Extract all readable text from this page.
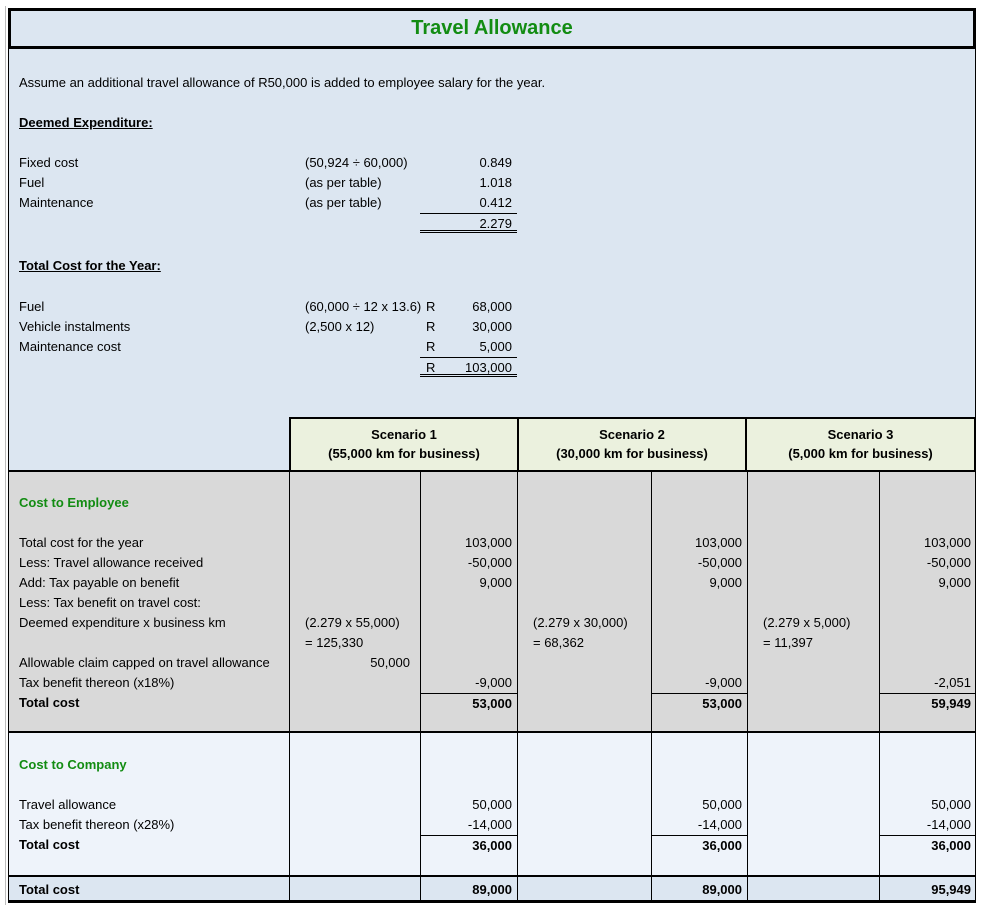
Travel Allowance
Assume an additional travel allowance of R50,000 is added to employee salary for the year.
Deemed Expenditure:
Fixed cost	(50,924 ÷ 60,000)	0.849
Fuel	(as per table)	1.018
Maintenance	(as per table)	0.412
2.279
Total Cost for the Year:
Fuel	(60,000 ÷ 12 x 13.6) R	68,000
Vehicle instalments	(2,500 x 12)	R	30,000
Maintenance cost	R	5,000
R 103,000
Scenario 1
(55,000 km for business)
Scenario 2
(30,000 km for business)
Scenario 3
(5,000 km for business)
Cost to Employee
Total cost for the year	103,000	103,000	103,000
Less: Travel allowance received	-50,000	-50,000	-50,000
Add: Tax payable on benefit	9,000	9,000	9,000
Less: Tax benefit on travel cost:
Deemed expenditure x business km	(2.279 x 55,000)	(2.279 x 30,000)	(2.279 x 5,000)
= 125,330	= 68,362	= 11,397
Allowable claim capped on travel allowance	50,000
Tax benefit thereon (x18%)	-9,000	-9,000	-2,051
Total cost	53,000	53,000	59,949
Cost to Company
Travel allowance	50,000	50,000	50,000
Tax benefit thereon (x28%)	-14,000	-14,000	-14,000
Total cost	36,000	36,000	36,000
Total cost	89,000	89,000	95,949
